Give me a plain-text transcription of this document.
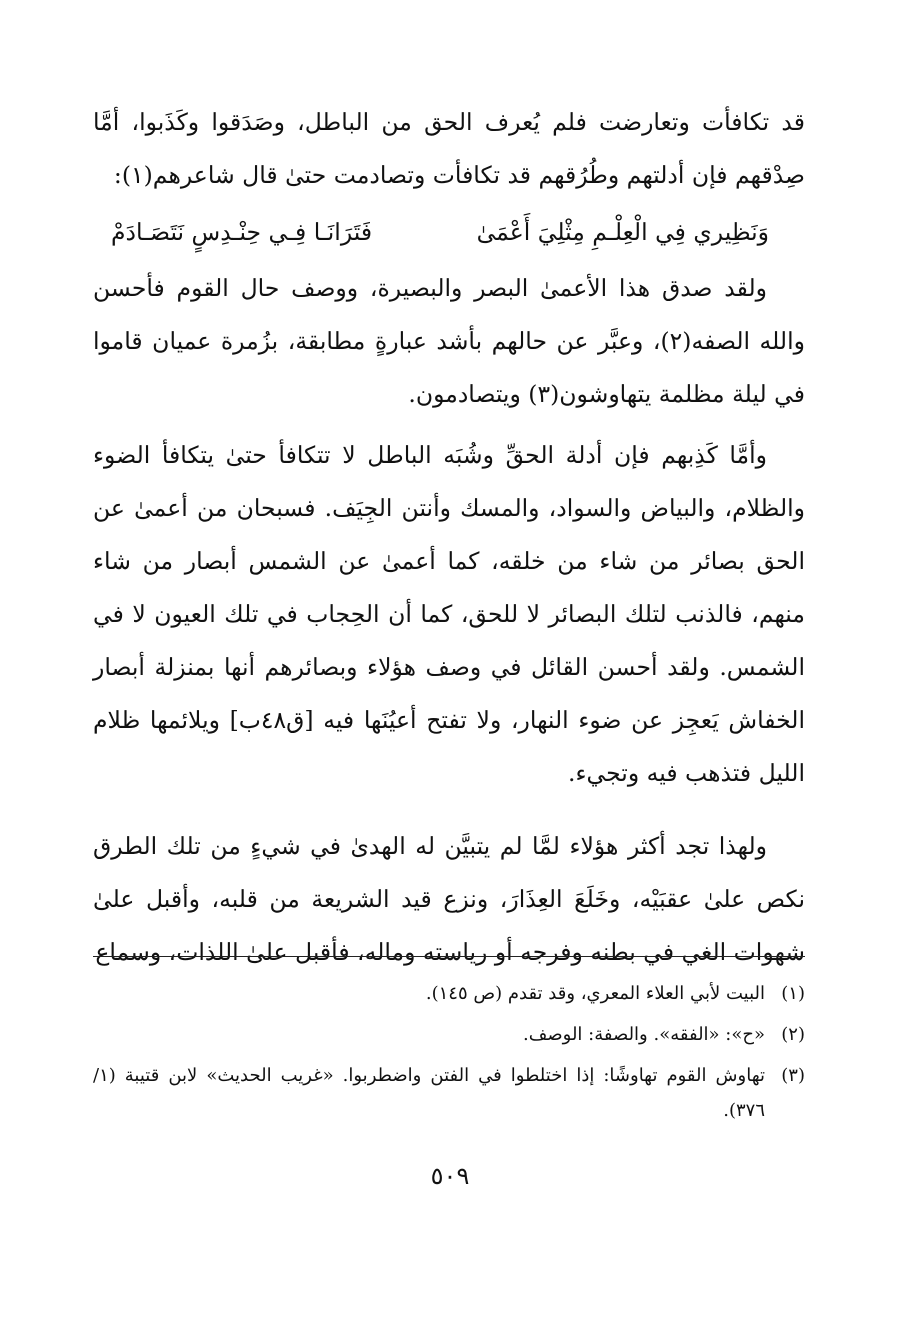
قد تكافأت وتعارضت فلم يُعرف الحق من الباطل، وصَدَقوا وكَذَبوا، أمَّا صِدْقهم فإن أدلتهم وطُرُقهم قد تكافأت وتصادمت حتىٰ قال شاعرهم(١):

وَنَظِيري فِي الْعِلْـمِ مِثْلِيَ أَعْمَىٰ
فَتَرَانَـا فِـي حِنْـدِسٍ نَتَصَـادَمْ

ولقد صدق هذا الأعمىٰ البصر والبصيرة، ووصف حال القوم فأحسن والله الصفه(٢)، وعبَّر عن حالهم بأشد عبارةٍ مطابقة، بزُمرة عميان قاموا في ليلة مظلمة يتهاوشون(٣) ويتصادمون.

وأمَّا كَذِبهم فإن أدلة الحقِّ وشُبَه الباطل لا تتكافأ حتىٰ يتكافأ الضوء والظلام، والبياض والسواد، والمسك وأنتن الجِيَف. فسبحان من أعمىٰ عن الحق بصائر من شاء من خلقه، كما أعمىٰ عن الشمس أبصار من شاء منهم، فالذنب لتلك البصائر لا للحق، كما أن الحِجاب في تلك العيون لا في الشمس. ولقد أحسن القائل في وصف هؤلاء وبصائرهم أنها بمنزلة أبصار الخفاش يَعجِز عن ضوء النهار، ولا تفتح أعيُنَها فيه [ق٤٨ب] ويلائمها ظلام الليل فتذهب فيه وتجيء.

ولهذا تجد أكثر هؤلاء لمَّا لم يتبيَّن له الهدىٰ في شيءٍ من تلك الطرق نكص علىٰ عقبَيْه، وخَلَعَ العِذَارَ، ونزع قيد الشريعة من قلبه، وأقبل علىٰ شهوات الغي في بطنه وفرجه أو رياسته وماله، فأقبل علىٰ اللذات، وسماع

(١)
البيت لأبي العلاء المعري، وقد تقدم (ص ١٤٥).
(٢)
«ح»: «الفقه». والصفة: الوصف.
(٣)
تهاوش القوم تهاوشًا: إذا اختلطوا في الفتن واضطربوا. «غريب الحديث» لابن قتيبة (١/ ٣٧٦).
٥٠٩
